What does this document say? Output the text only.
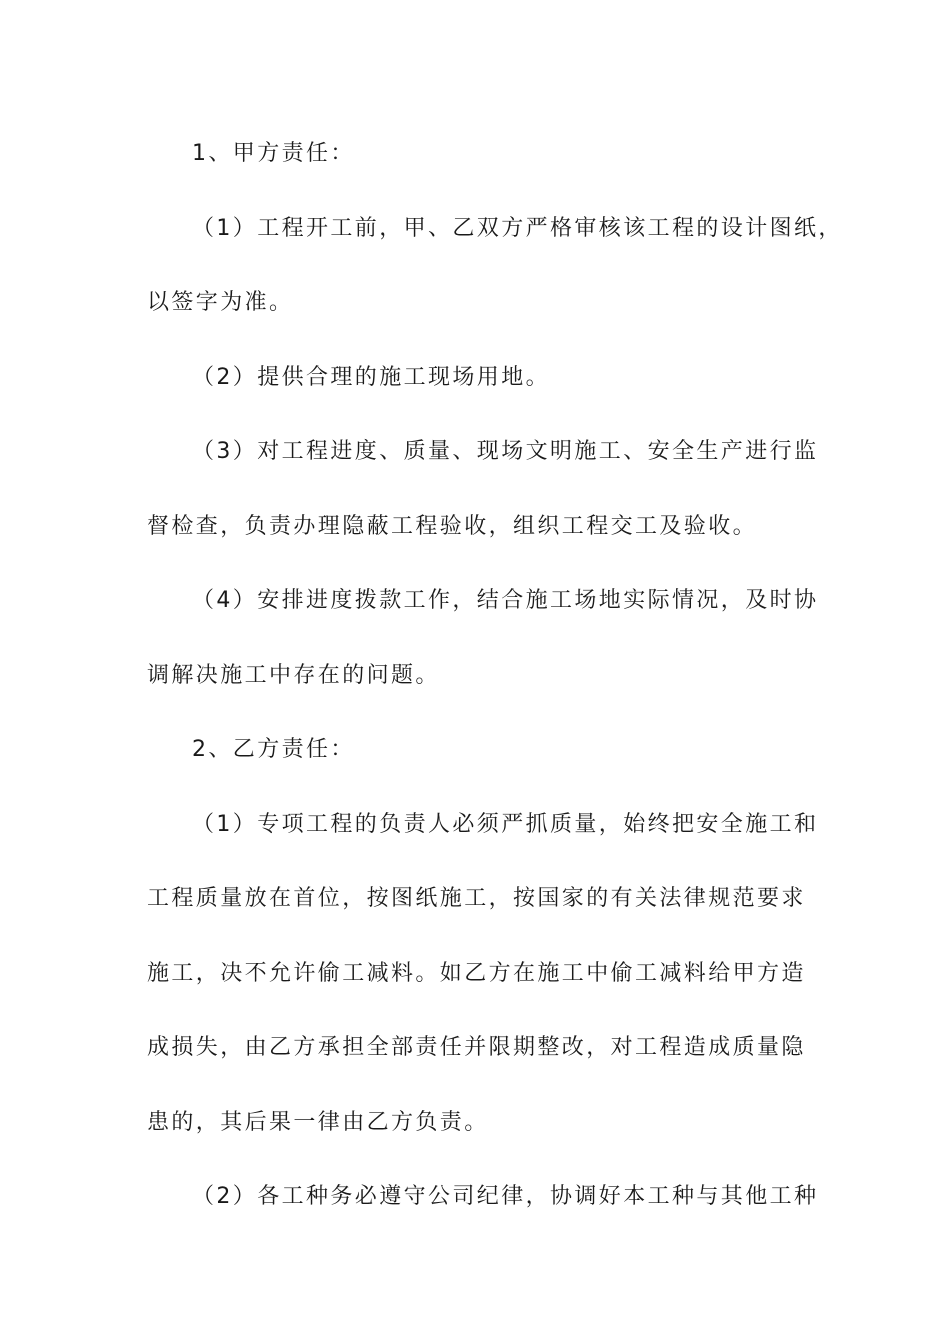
1、甲方责任：
（1）工程开工前，甲、乙双方严格审核该工程的设计图纸，
以签字为准。
（2）提供合理的施工现场用地。
（3）对工程进度、质量、现场文明施工、安全生产进行监
督检查，负责办理隐蔽工程验收，组织工程交工及验收。
（4）安排进度拨款工作，结合施工场地实际情况，及时协
调解决施工中存在的问题。
2、乙方责任：
（1）专项工程的负责人必须严抓质量，始终把安全施工和
工程质量放在首位，按图纸施工，按国家的有关法律规范要求
施工，决不允许偷工减料。如乙方在施工中偷工减料给甲方造
成损失，由乙方承担全部责任并限期整改，对工程造成质量隐
患的，其后果一律由乙方负责。
（2）各工种务必遵守公司纪律，协调好本工种与其他工种
